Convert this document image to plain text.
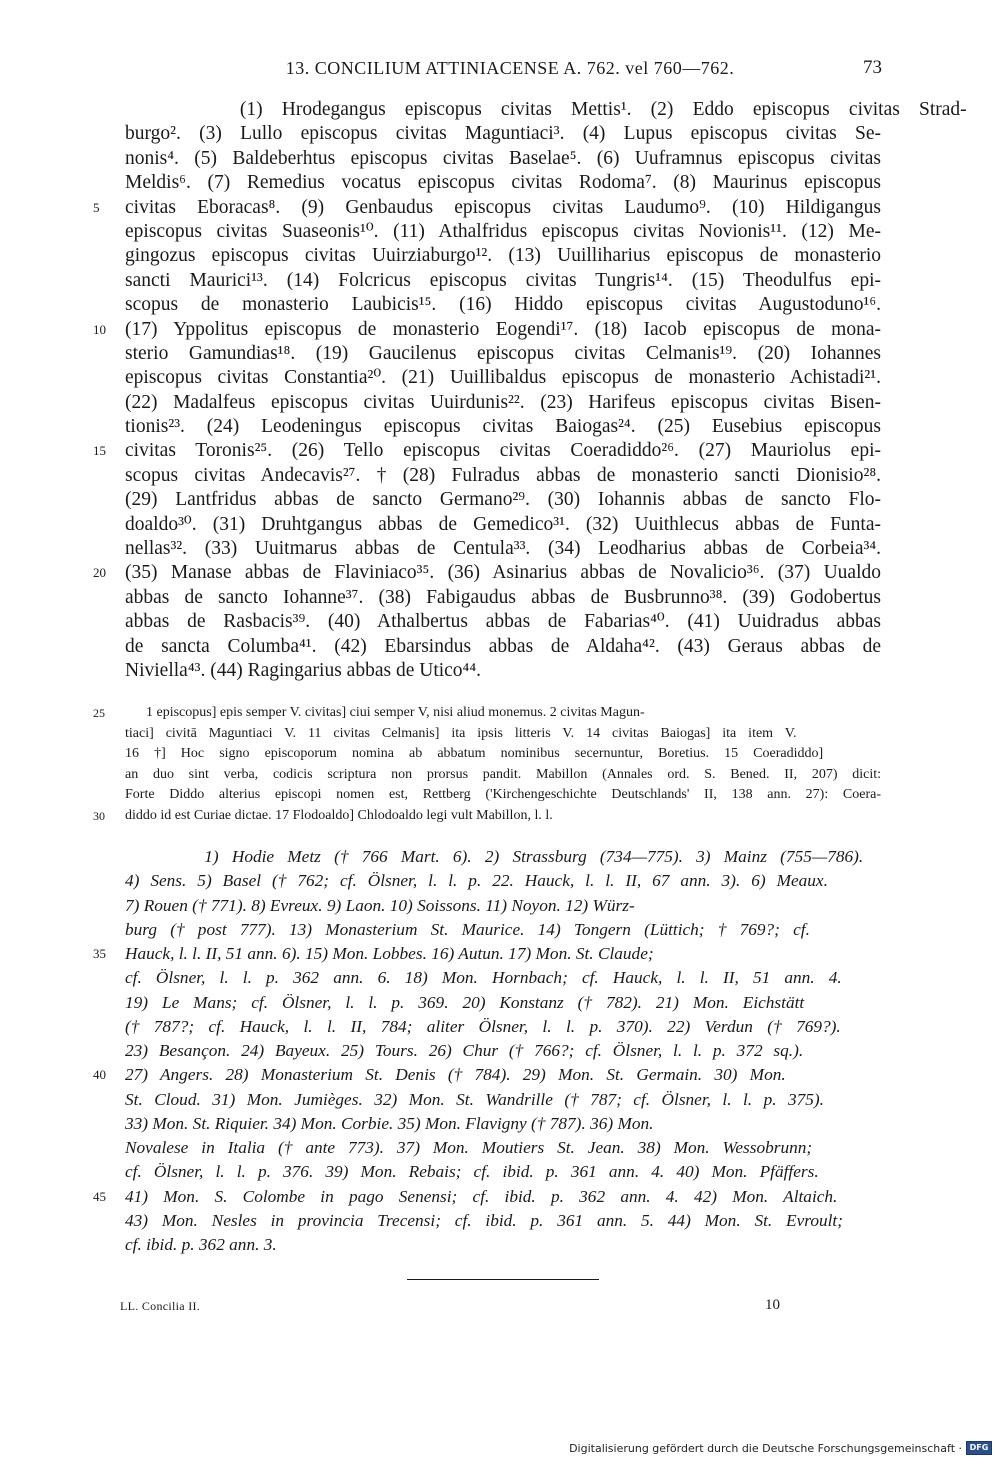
13. CONCILIUM ATTINIACENSE A. 762. vel 760—762.	73
(1) Hrodegangus episcopus civitas Mettis¹. (2) Eddo episcopus civitas Strad-
burgo². (3) Lullo episcopus civitas Maguntiaci³. (4) Lupus episcopus civitas Se-
nonis⁴. (5) Baldeberhtus episcopus civitas Baselae⁵. (6) Uuframnus episcopus civitas
Meldis⁶. (7) Remedius vocatus episcopus civitas Rodoma⁷. (8) Maurinus episcopus
5	civitas Eboracas⁸. (9) Genbaudus episcopus civitas Laudumo⁹. (10) Hildigangus
episcopus civitas Suaseonis¹⁰. (11) Athalfridus episcopus civitas Novionis¹¹. (12) Me-
gingozus episcopus civitas Uuirziaburgo¹². (13) Uuilliharius episcopus de monasterio
sancti Maurici¹³. (14) Folcricus episcopus civitas Tungris¹⁴. (15) Theodulfus epi-
scopus de monasterio Laubicis¹⁵. (16) Hiddo episcopus civitas Augustoduno¹⁶.
10 (17) Yppolitus episcopus de monasterio Eogendi¹⁷. (18) Iacob episcopus de mona-
sterio Gamundias¹⁸. (19) Gaucilenus episcopus civitas Celmanis¹⁹. (20) Iohannes
episcopus civitas Constantia²⁰. (21) Uuillibaldus episcopus de monasterio Achistadi²¹.
(22) Madalfeus episcopus civitas Uuirdunis²². (23) Harifeus episcopus civitas Bisen-
tionis²³. (24) Leodeningus episcopus civitas Baiogas²⁴. (25) Eusebius episcopus
15 civitas Toronis²⁵. (26) Tello episcopus civitas Coeradiddo²⁶. (27) Mauriolus epi-
scopus civitas Andecavis²⁷. † (28) Fulradus abbas de monasterio sancti Dionisio²⁸.
(29) Lantfridus abbas de sancto Germano²⁹. (30) Iohannis abbas de sancto Flo-
doaldo³⁰. (31) Druhtgangus abbas de Gemedico³¹. (32) Uuithlecus abbas de Funta-
nellas³². (33) Uuitmarus abbas de Centula³³. (34) Leodharius abbas de Corbeia³⁴.
20 (35) Manase abbas de Flaviniaco³⁵. (36) Asinarius abbas de Novalicio³⁶. (37) Uualdo
abbas de sancto Iohanne³⁷. (38) Fabigaudus abbas de Busbrunno³⁸. (39) Godobertus
abbas de Rasbacis³⁹. (40) Athalbertus abbas de Fabarias⁴⁰. (41) Uuidradus abbas
de sancta Columba⁴¹. (42) Ebarsindus abbas de Aldaha⁴². (43) Geraus abbas de
Niviella⁴³. (44) Ragingarius abbas de Utico⁴⁴.
25	1 episcopus] epis semper V. civitas] ciui semper V, nisi aliud monemus. 2 civitas Magun-
tiaci] civitā Maguntiaci V. 11 civitas Celmanis] ita ipsis litteris V. 14 civitas Baiogas] ita item V.
16 †] Hoc signo episcoporum nomina ab abbatum nominibus secernuntur, Boretius. 15 Coeradiddo]
an duo sint verba, codicis scriptura non prorsus pandit. Mabillon (Annales ord. S. Bened. II, 207) dicit:
Forte Diddo alterius episcopi nomen est, Rettberg ('Kirchengeschichte Deutschlands' II, 138 ann. 27): Coera-
30	diddo id est Curiae dictae. 17 Flodoaldo] Chlodoaldo legi vult Mabillon, l. l.
1) Hodie Metz († 766 Mart. 6). 2) Strassburg (734—775). 3) Mainz (755—786).
4) Sens. 5) Basel († 762; cf. Ölsner, l. l. p. 22. Hauck, l. l. II, 67 ann. 3). 6) Meaux.
7) Rouen († 771). 8) Evreux. 9) Laon. 10) Soissons. 11) Noyon. 12) Würz-
burg († post 777). 13) Monasterium St. Maurice. 14) Tongern (Lüttich; † 769?; cf.
35	Hauck, l. l. II, 51 ann. 6). 15) Mon. Lobbes. 16) Autun. 17) Mon. St. Claude;
cf. Ölsner, l. l. p. 362 ann. 6. 18) Mon. Hornbach; cf. Hauck, l. l. II, 51 ann. 4.
19) Le Mans; cf. Ölsner, l. l. p. 369. 20) Konstanz († 782). 21) Mon. Eichstätt
(† 787?; cf. Hauck, l. l. II, 784; aliter Ölsner, l. l. p. 370). 22) Verdun († 769?).
23) Besançon. 24) Bayeux. 25) Tours. 26) Chur († 766?; cf. Ölsner, l. l. p. 372 sq.).
40	27) Angers. 28) Monasterium St. Denis († 784). 29) Mon. St. Germain. 30) Mon.
St. Cloud. 31) Mon. Jumièges. 32) Mon. St. Wandrille († 787; cf. Ölsner, l. l. p. 375).
33) Mon. St. Riquier. 34) Mon. Corbie. 35) Mon. Flavigny († 787). 36) Mon.
Novalese in Italia († ante 773). 37) Mon. Moutiers St. Jean. 38) Mon. Wessobrunn;
cf. Ölsner, l. l. p. 376. 39) Mon. Rebais; cf. ibid. p. 361 ann. 4. 40) Mon. Pfäffers.
45	41) Mon. S. Colombe in pago Senensi; cf. ibid. p. 362 ann. 4. 42) Mon. Altaich.
43) Mon. Nesles in provincia Trecensi; cf. ibid. p. 361 ann. 5. 44) Mon. St. Evroult;
cf. ibid. p. 362 ann. 3.
LL. Concilia II.	10
Digitalisierung gefördert durch die Deutsche Forschungsgemeinschaft · DFG
